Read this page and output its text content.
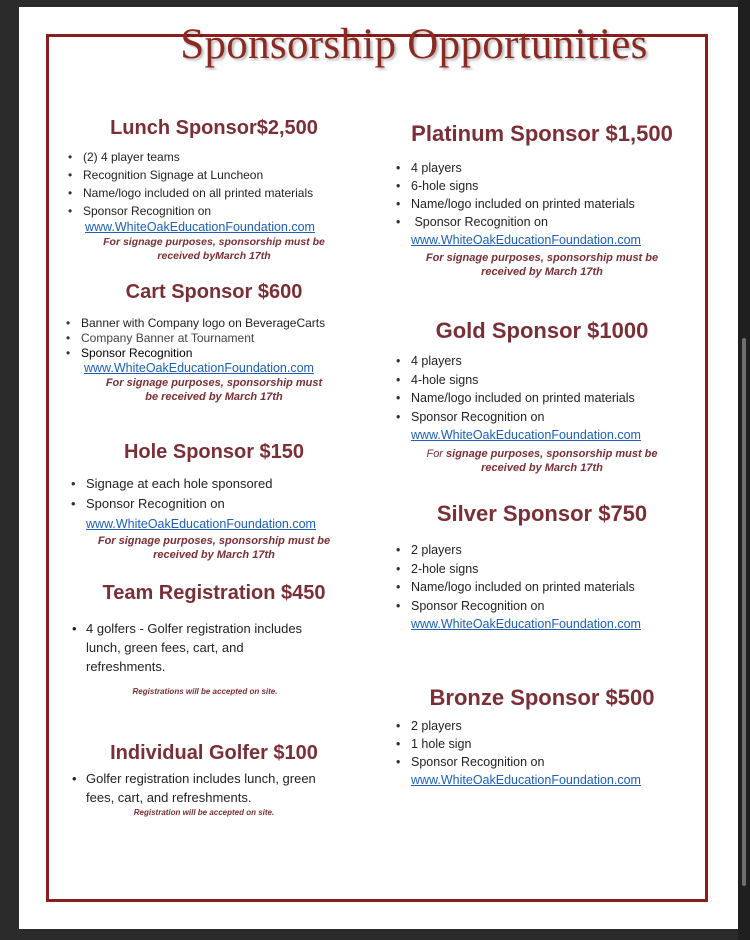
Sponsorship Opportunities
Lunch Sponsor$2,500
• (2) 4 player teams
• Recognition Signage at Luncheon
• Name/logo included on all printed materials
• Sponsor Recognition on
www.WhiteOakEducationFoundation.com
For signage purposes, sponsorship must be
received byMarch 17th
Cart Sponsor $600
• Banner with Company logo on BeverageCarts
• Company Banner at Tournament
• Sponsor Recognition
www.WhiteOakEducationFoundation.com
For signage purposes, sponsorship must
be received by March 17th
Hole Sponsor $150
• Signage at each hole sponsored
• Sponsor Recognition on
www.WhiteOakEducationFoundation.com
For signage purposes, sponsorship must be
received by March 17th
Team Registration $450
• 4 golfers - Golfer registration includes
lunch, green fees, cart, and
refreshments.
Registrations will be accepted on site.
Individual Golfer $100
• Golfer registration includes lunch, green
fees, cart, and refreshments.
Registration will be accepted on site.
Platinum Sponsor $1,500
• 4 players
• 6-hole signs
• Name/logo included on printed materials
•  Sponsor Recognition on
www.WhiteOakEducationFoundation.com
For signage purposes, sponsorship must be
received by March 17th
Gold Sponsor $1000
• 4 players
• 4-hole signs
• Name/logo included on printed materials
• Sponsor Recognition on
www.WhiteOakEducationFoundation.com
For signage purposes, sponsorship must be
received by March 17th
Silver Sponsor $750
• 2 players
• 2-hole signs
• Name/logo included on printed materials
• Sponsor Recognition on
www.WhiteOakEducationFoundation.com
Bronze Sponsor $500
• 2 players
• 1 hole sign
• Sponsor Recognition on
www.WhiteOakEducationFoundation.com
